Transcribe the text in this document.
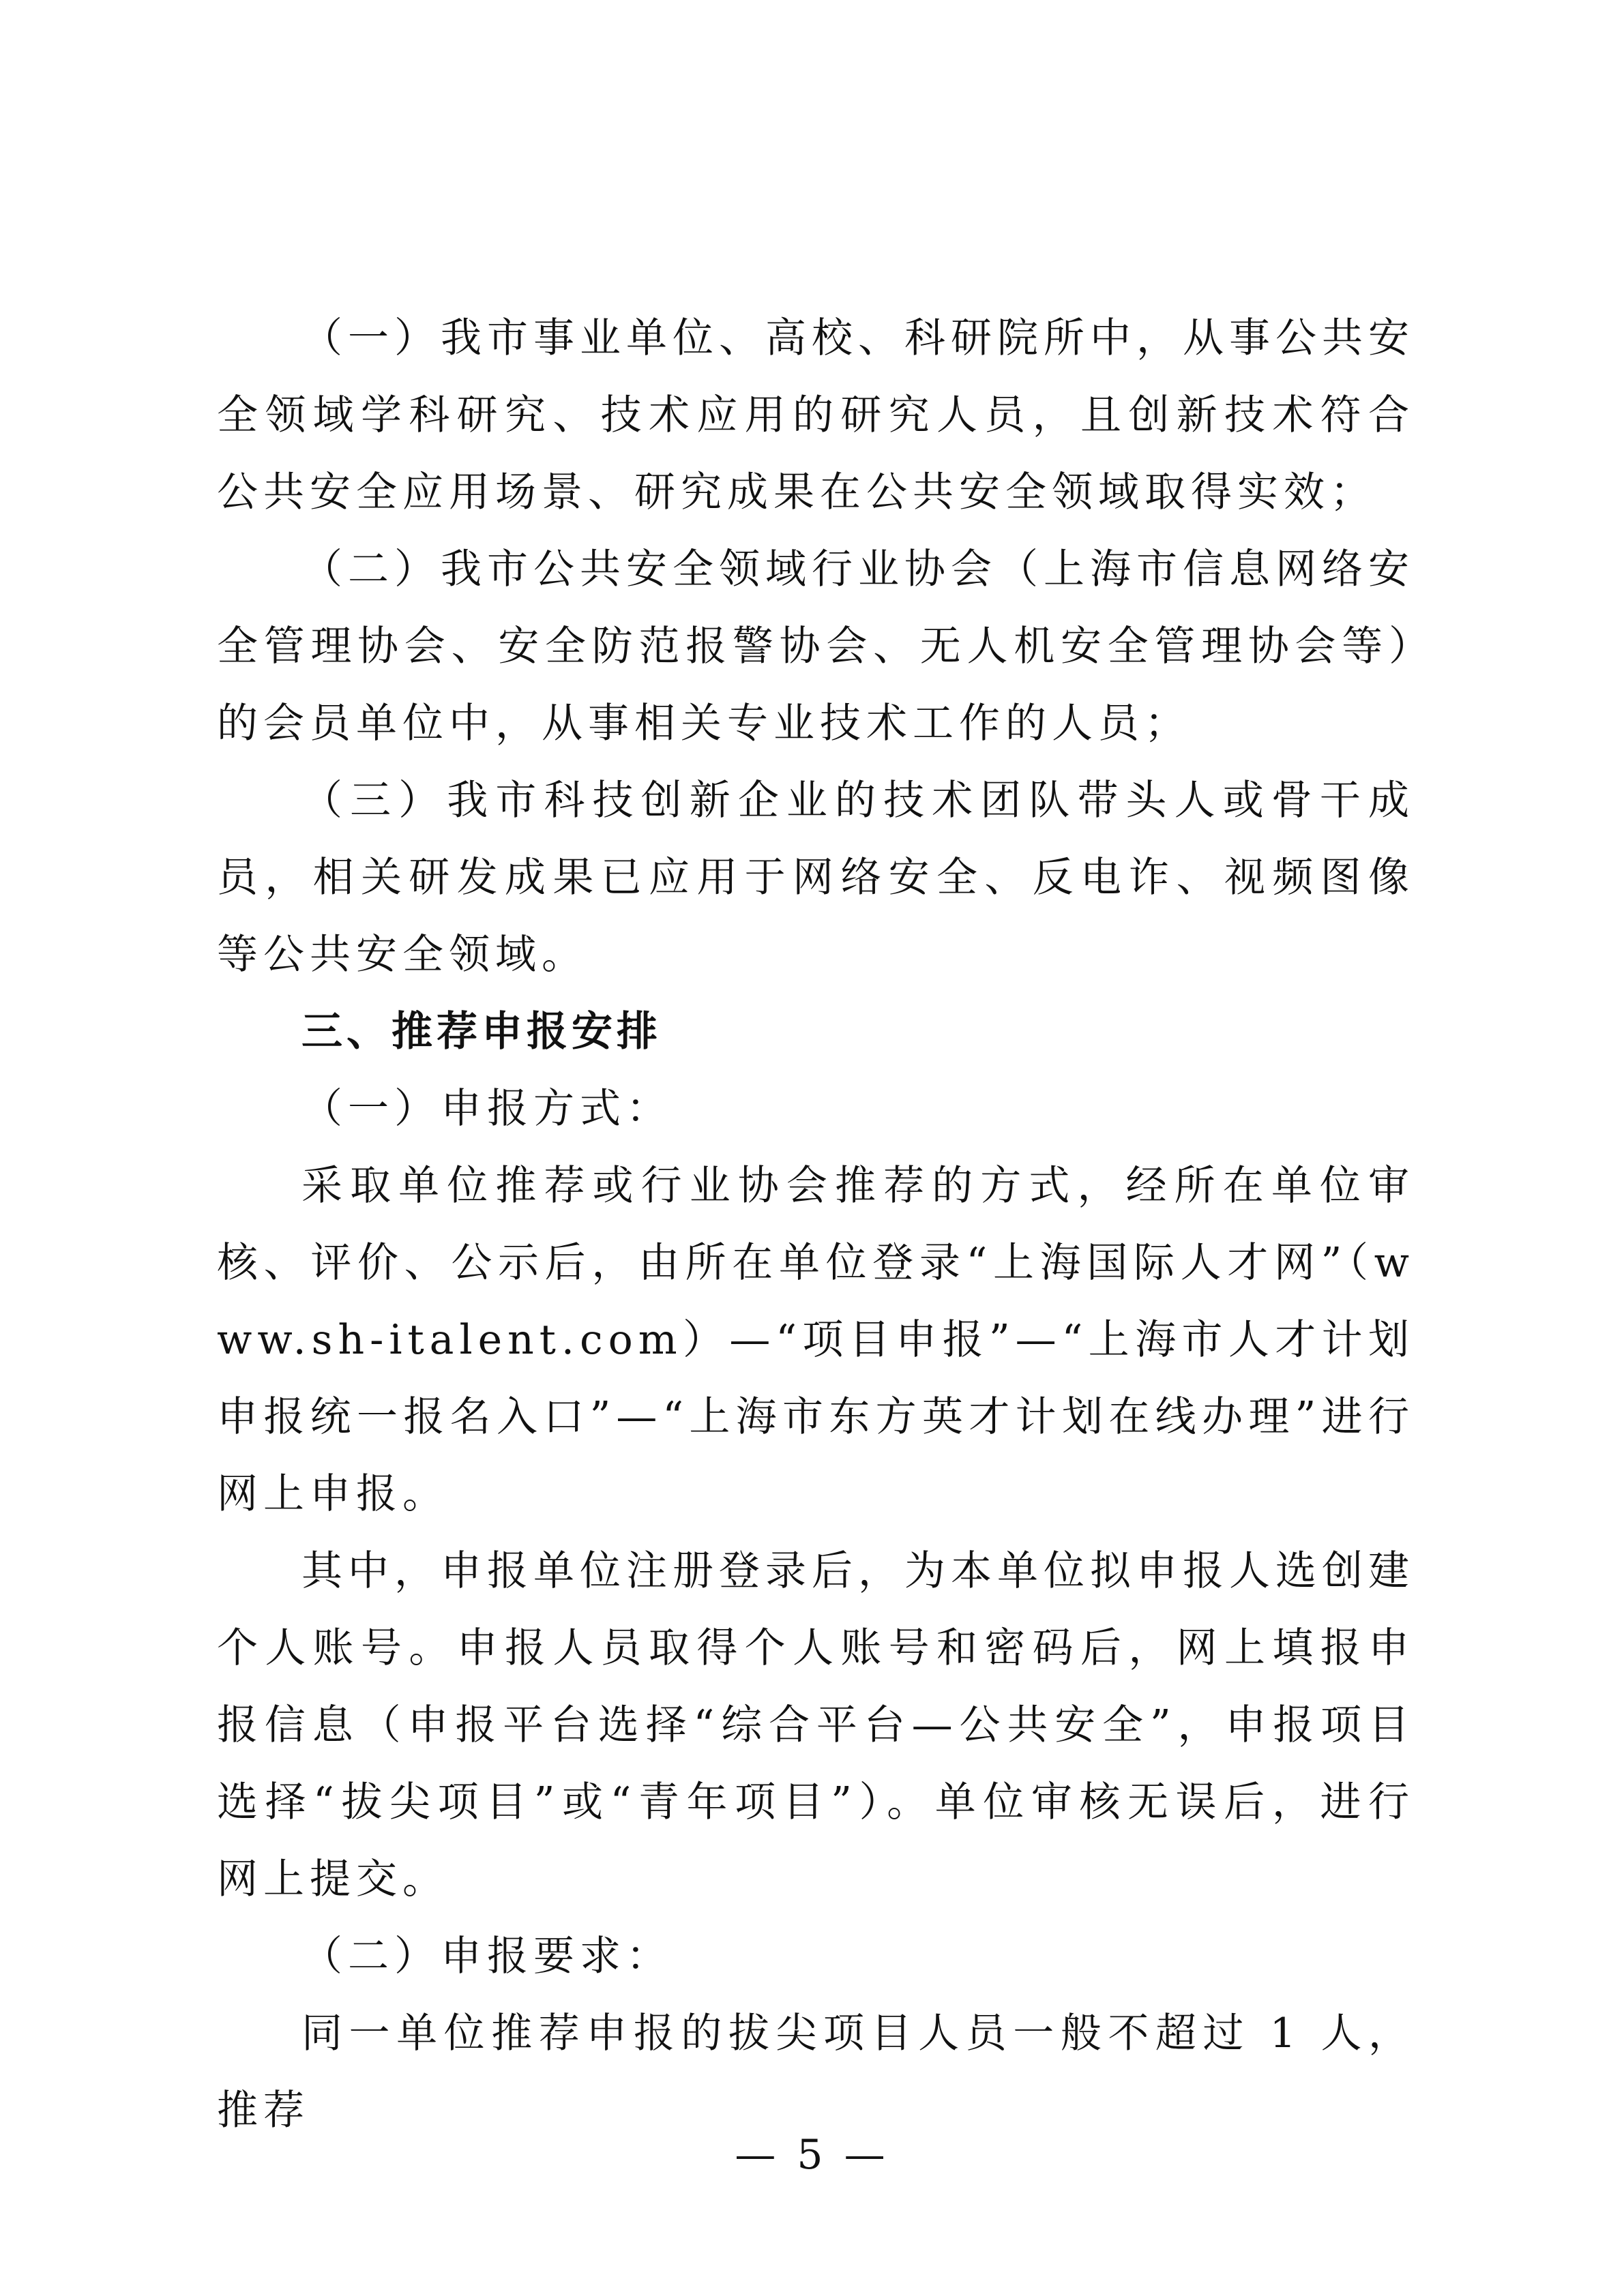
（一）我市事业单位、高校、科研院所中，从事公共安全领域学科研究、技术应用的研究人员，且创新技术符合公共安全应用场景、研究成果在公共安全领域取得实效；

（二）我市公共安全领域行业协会（上海市信息网络安全管理协会、安全防范报警协会、无人机安全管理协会等）的会员单位中，从事相关专业技术工作的人员；

（三）我市科技创新企业的技术团队带头人或骨干成员，相关研发成果已应用于网络安全、反电诈、视频图像等公共安全领域。

三、推荐申报安排

（一）申报方式：

采取单位推荐或行业协会推荐的方式，经所在单位审核、评价、公示后，由所在单位登录“上海国际人才网”（www.sh-italent.com）—“项目申报”—“上海市人才计划申报统一报名入口”—“上海市东方英才计划在线办理”进行网上申报。

其中，申报单位注册登录后，为本单位拟申报人选创建个人账号。申报人员取得个人账号和密码后，网上填报申报信息（申报平台选择“综合平台—公共安全”，申报项目选择“拔尖项目”或“青年项目”）。单位审核无误后，进行网上提交。

（二）申报要求：

同一单位推荐申报的拔尖项目人员一般不超过 1 人，推荐

— 5 —
